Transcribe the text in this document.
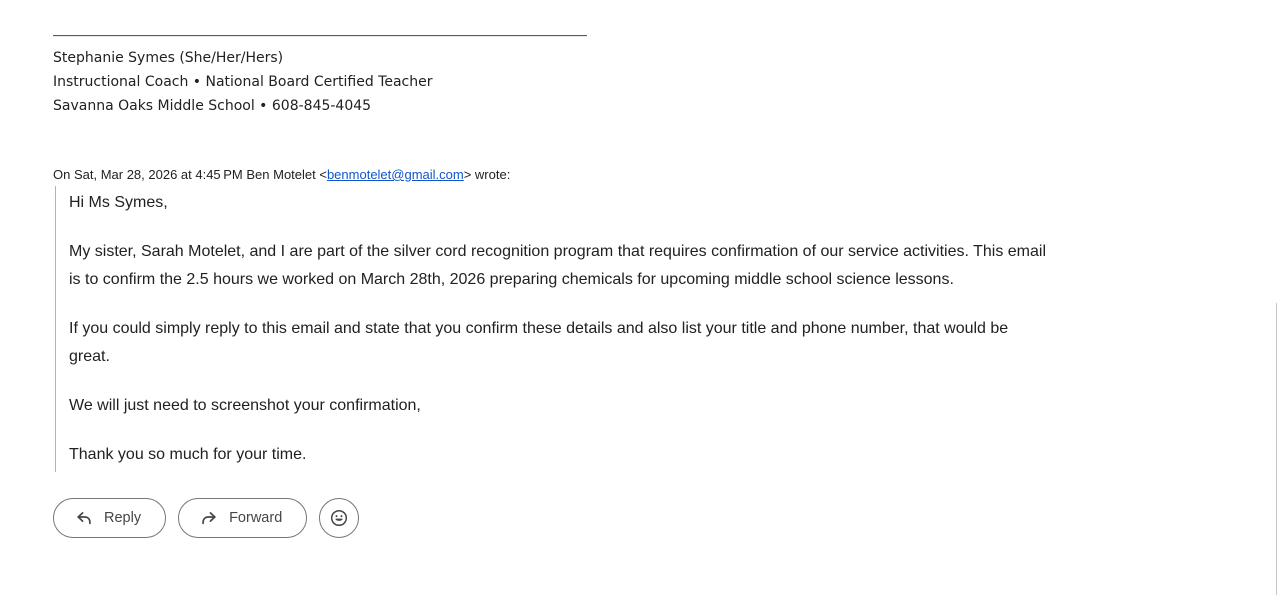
Stephanie Symes (She/Her/Hers)
Instructional Coach • National Board Certified Teacher
Savanna Oaks Middle School • 608-845-4045
On Sat, Mar 28, 2026 at 4:45 PM Ben Motelet <benmotelet@gmail.com> wrote:
Hi Ms Symes,
My sister, Sarah Motelet, and I are part of the silver cord recognition program that requires confirmation of our service activities. This email
is to confirm the 2.5 hours we worked on March 28th, 2026 preparing chemicals for upcoming middle school science lessons.
If you could simply reply to this email and state that you confirm these details and also list your title and phone number, that would be
great.
We will just need to screenshot your confirmation,
Thank you so much for your time.
Reply	Forward
